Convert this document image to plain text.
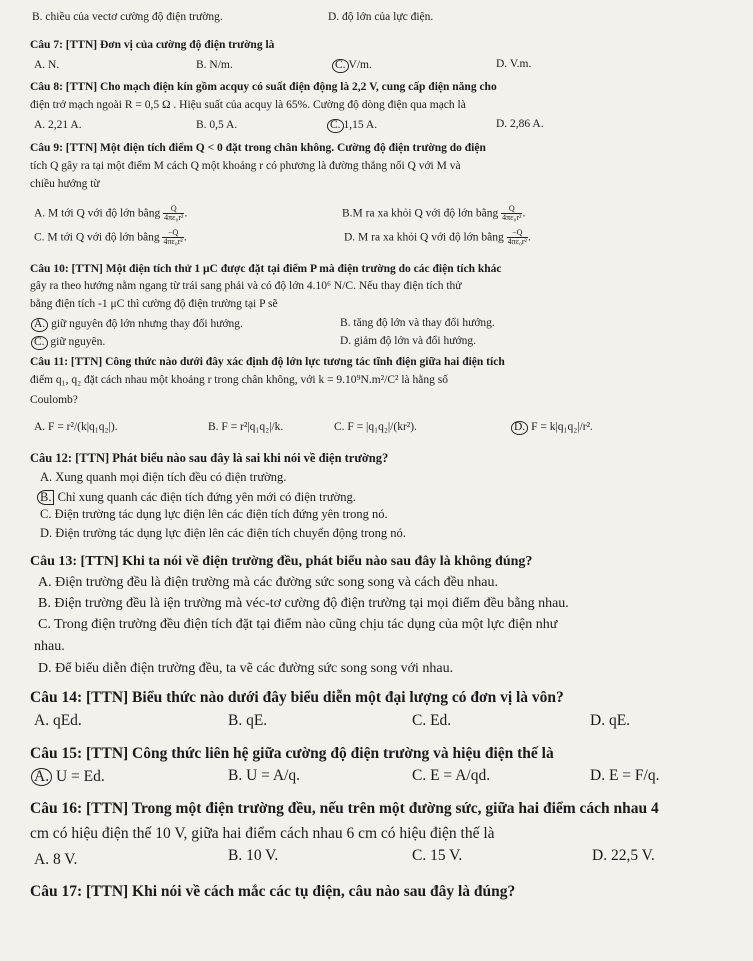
B. chiều của vectơ cường độ điện trường.	D. độ lớn của lực điện.
Câu 7: [TTN] Đơn vị của cường độ điện trường là
A. N.	B. N/m.	C. V/m.	D. V.m.
Câu 8: [TTN] Cho mạch điện kín gồm acquy có suất điện động là 2,2 V, cung cấp điện năng cho
điện trở mạch ngoài R = 0,5 Ω . Hiệu suất của acquy là 65%. Cường độ dòng điện qua mạch là
A. 2,21 A.	B. 0,5 A.	C. 1,15 A.	D. 2,86 A.
Câu 9: [TTN] Một điện tích điểm Q < 0 đặt trong chân không. Cường độ điện trường do điện
tích Q gây ra tại một điểm M cách Q một khoảng r có phương là đường thẳng nối Q với M và
chiều hướng từ
A. M tới Q với độ lớn bằng $\frac{Q}{\text{4πε₀r²}}$ .	B.M ra xa khỏi Q với độ lớn bằng $\frac{Q}{\text{4πε₀r²}}$ .
C. M tới Q với độ lớn bằng $\frac{-Q}{\text{4πε₀r²}}$ .	D. M ra xa khỏi Q với độ lớn bằng $\frac{-Q}{\text{4πε₀r²}}$ .
Câu 10: [TTN] Một điện tích thử 1 μC được đặt tại điểm P mà điện trường do các điện tích khác
gây ra theo hướng nằm ngang từ trái sang phải và có độ lớn 4.10⁶ N/C. Nếu thay điện tích thử
bằng điện tích -1 μC thì cường độ điện trường tại P sẽ
A. giữ nguyên độ lớn nhưng thay đổi hướng.	B. tăng độ lớn và thay đổi hướng.
C. giữ nguyên.	D. giảm độ lớn và đổi hướng.
Câu 11: [TTN] Công thức nào dưới đây xác định độ lớn lực tương tác tĩnh điện giữa hai điện tích
điểm q₁, q₂ đặt cách nhau một khoảng r trong chân không, với k = 9.10⁹N.m²/C² là hằng số
Coulomb?
A. F = r²/(k|q₁q₂|).	B. F = r²|q₁q₂|/k.	C. F = |q₁q₂|/(kr²).	D. F = k|q₁q₂|/r².
Câu 12: [TTN] Phát biểu nào sau đây là sai khi nói về điện trường?
A. Xung quanh mọi điện tích đều có điện trường.
B. Chỉ xung quanh các điện tích đứng yên mới có điện trường.
C. Điện trường tác dụng lực điện lên các điện tích đứng yên trong nó.
D. Điện trường tác dụng lực điện lên các điện tích chuyển động trong nó.
Câu 13: [TTN] Khi ta nói về điện trường đều, phát biểu nào sau đây là không đúng?
A. Điện trường đều là điện trường mà các đường sức song song và cách đều nhau.
B. Điện trường đều là iện trường mà véc-tơ cường độ điện trường tại mọi điểm đều bằng nhau.
C. Trong điện trường đều điện tích đặt tại điểm nào cũng chịu tác dụng của một lực điện như
nhau.
D. Để biểu diễn điện trường đều, ta vẽ các đường sức song song với nhau.
Câu 14: [TTN] Biểu thức nào dưới đây biểu diễn một đại lượng có đơn vị là vôn?
A. qEd.	B. qE.	C. Ed.	D. qE.
Câu 15: [TTN] Công thức liên hệ giữa cường độ điện trường và hiệu điện thế là
A. U = Ed.	B. U = A/q.	C. E = A/qd.	D. E = F/q.
Câu 16: [TTN] Trong một điện trường đều, nếu trên một đường sức, giữa hai điểm cách nhau 4
cm có hiệu điện thế 10 V, giữa hai điểm cách nhau 6 cm có hiệu điện thế là
A. 8 V.	B. 10 V.	C. 15 V.	D. 22,5 V.
Câu 17: [TTN] Khi nói về cách mắc các tụ điện, câu nào sau đây là đúng?
